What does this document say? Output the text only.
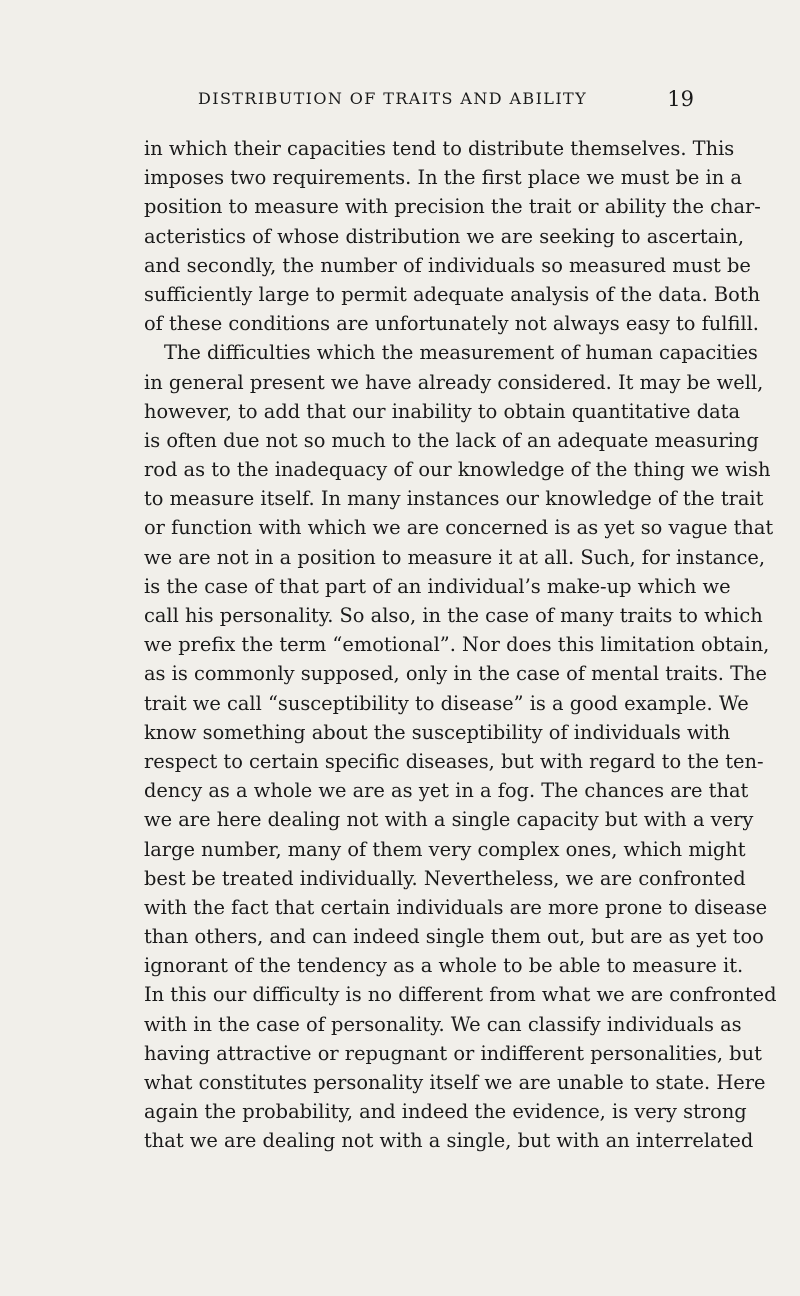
DISTRIBUTION OF TRAITS AND ABILITY	19
in which their capacities tend to distribute themselves. This
imposes two requirements. In the first place we must be in a
position to measure with precision the trait or ability the char-
acteristics of whose distribution we are seeking to ascertain,
and secondly, the number of individuals so measured must be
sufficiently large to permit adequate analysis of the data. Both
of these conditions are unfortunately not always easy to fulfill.
The difficulties which the measurement of human capacities
in general present we have already considered. It may be well,
however, to add that our inability to obtain quantitative data
is often due not so much to the lack of an adequate measuring
rod as to the inadequacy of our knowledge of the thing we wish
to measure itself. In many instances our knowledge of the trait
or function with which we are concerned is as yet so vague that
we are not in a position to measure it at all. Such, for instance,
is the case of that part of an individual’s make-up which we
call his personality. So also, in the case of many traits to which
we prefix the term “emotional”. Nor does this limitation obtain,
as is commonly supposed, only in the case of mental traits. The
trait we call “susceptibility to disease” is a good example. We
know something about the susceptibility of individuals with
respect to certain specific diseases, but with regard to the ten-
dency as a whole we are as yet in a fog. The chances are that
we are here dealing not with a single capacity but with a very
large number, many of them very complex ones, which might
best be treated individually. Nevertheless, we are confronted
with the fact that certain individuals are more prone to disease
than others, and can indeed single them out, but are as yet too
ignorant of the tendency as a whole to be able to measure it.
In this our difficulty is no different from what we are confronted
with in the case of personality. We can classify individuals as
having attractive or repugnant or indifferent personalities, but
what constitutes personality itself we are unable to state. Here
again the probability, and indeed the evidence, is very strong
that we are dealing not with a single, but with an interrelated
